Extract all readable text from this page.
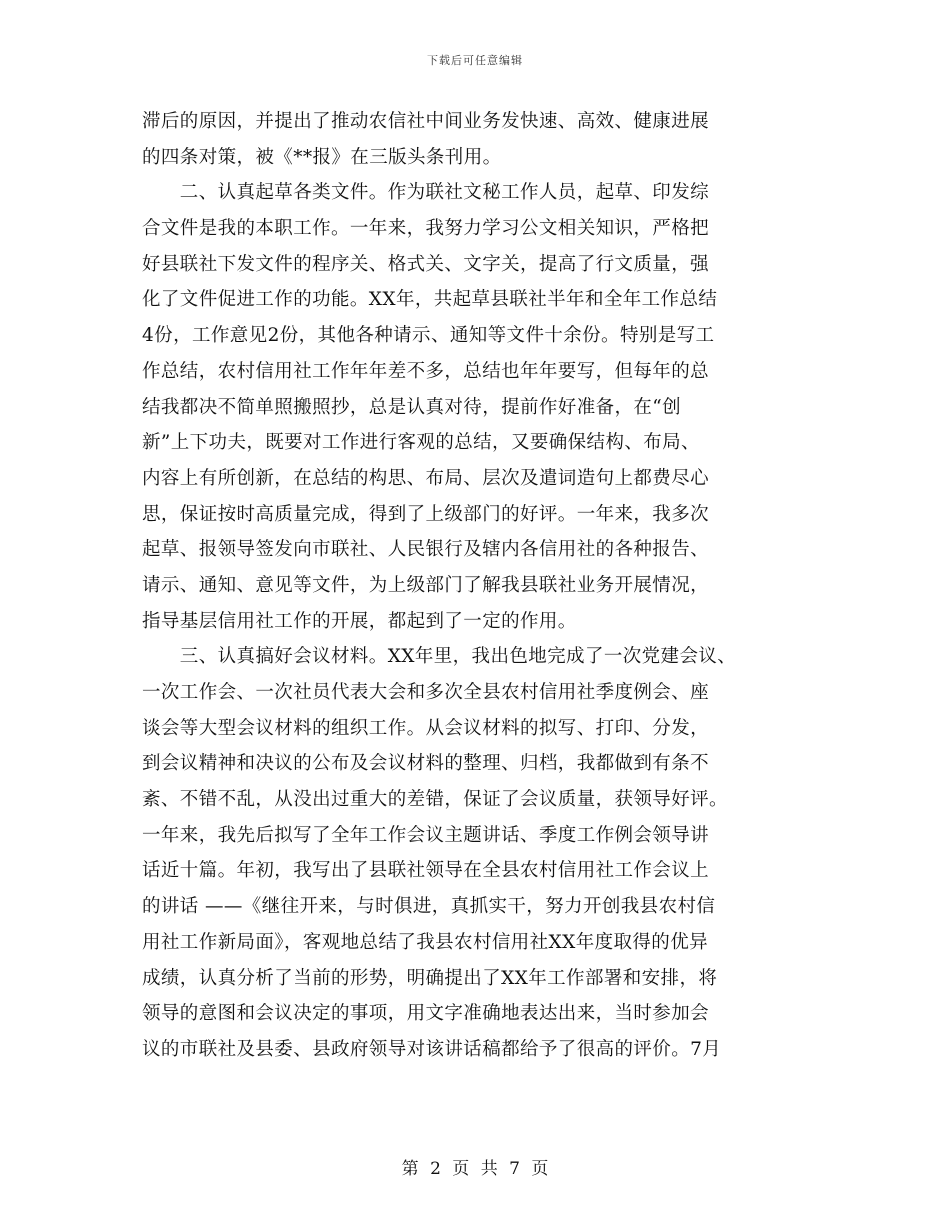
下载后可任意编辑
滞后的原因，并提出了推动农信社中间业务发快速、高效、健康进展
的四条对策，被《**报》在三版头条刊用。
　　二、认真起草各类文件。作为联社文秘工作人员，起草、印发综
合文件是我的本职工作。一年来，我努力学习公文相关知识，严格把
好县联社下发文件的程序关、格式关、文字关，提高了行文质量，强
化了文件促进工作的功能。XX年，共起草县联社半年和全年工作总结
4份，工作意见2份，其他各种请示、通知等文件十余份。特别是写工
作总结，农村信用社工作年年差不多，总结也年年要写，但每年的总
结我都决不简单照搬照抄，总是认真对待，提前作好准备，在“创
新”上下功夫，既要对工作进行客观的总结，又要确保结构、布局、
内容上有所创新，在总结的构思、布局、层次及遣词造句上都费尽心
思，保证按时高质量完成，得到了上级部门的好评。一年来，我多次
起草、报领导签发向市联社、人民银行及辖内各信用社的各种报告、
请示、通知、意见等文件，为上级部门了解我县联社业务开展情况，
指导基层信用社工作的开展，都起到了一定的作用。
　　三、认真搞好会议材料。XX年里，我出色地完成了一次党建会议、
一次工作会、一次社员代表大会和多次全县农村信用社季度例会、座
谈会等大型会议材料的组织工作。从会议材料的拟写、打印、分发，
到会议精神和决议的公布及会议材料的整理、归档，我都做到有条不
紊、不错不乱，从没出过重大的差错，保证了会议质量，获领导好评。
一年来，我先后拟写了全年工作会议主题讲话、季度工作例会领导讲
话近十篇。年初，我写出了县联社领导在全县农村信用社工作会议上
的讲话 ——《继往开来，与时俱进，真抓实干，努力开创我县农村信
用社工作新局面》，客观地总结了我县农村信用社XX年度取得的优异
成绩，认真分析了当前的形势，明确提出了XX年工作部署和安排，将
领导的意图和会议决定的事项，用文字准确地表达出来，当时参加会
议的市联社及县委、县政府领导对该讲话稿都给予了很高的评价。7月
第 2 页 共 7 页
